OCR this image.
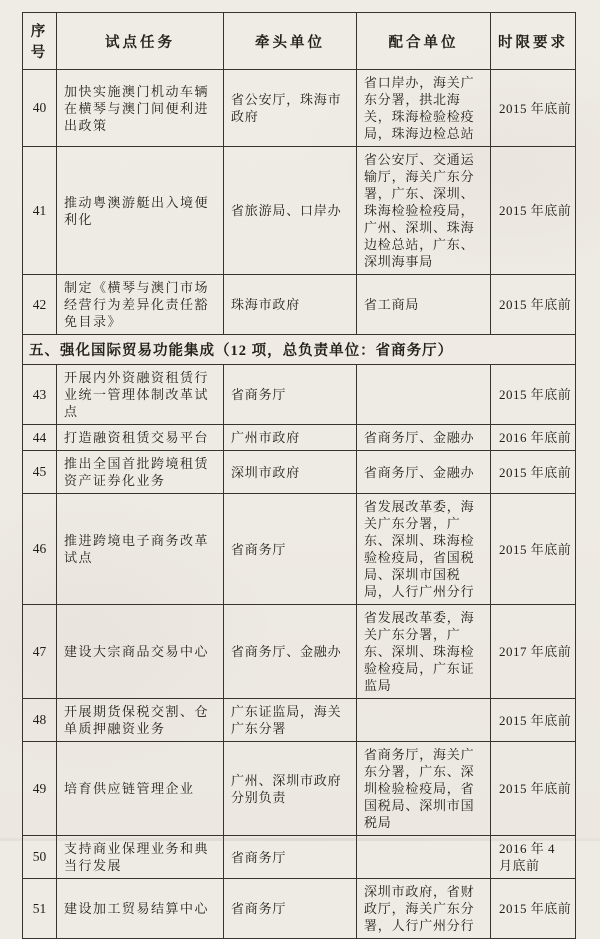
序号	试点任务	牵头单位	配合单位	时限要求
40	加快实施澳门机动车辆在横琴与澳门间便利进出政策	省公安厅，珠海市政府	省口岸办，海关广东分署，拱北海关，珠海检验检疫局，珠海边检总站	2015 年底前
41	推动粤澳游艇出入境便利化	省旅游局、口岸办	省公安厅、交通运输厅，海关广东分署，广东、深圳、珠海检验检疫局，广州、深圳、珠海边检总站，广东、深圳海事局	2015 年底前
42	制定《横琴与澳门市场经营行为差异化责任豁免目录》	珠海市政府	省工商局	2015 年底前
五、强化国际贸易功能集成（12 项，总负责单位：省商务厅）				
43	开展内外资融资租赁行业统一管理体制改革试点	省商务厅		2015 年底前
44	打造融资租赁交易平台	广州市政府	省商务厅、金融办	2016 年底前
45	推出全国首批跨境租赁资产证券化业务	深圳市政府	省商务厅、金融办	2015 年底前
46	推进跨境电子商务改革试点	省商务厅	省发展改革委，海关广东分署，广东、深圳、珠海检验检疫局，省国税局、深圳市国税局，人行广州分行	2015 年底前
47	建设大宗商品交易中心	省商务厅、金融办	省发展改革委，海关广东分署，广东、深圳、珠海检验检疫局，广东证监局	2017 年底前
48	开展期货保税交割、仓单质押融资业务	广东证监局，海关广东分署		2015 年底前
49	培育供应链管理企业	广州、深圳市政府分别负责	省商务厅，海关广东分署，广东、深圳检验检疫局，省国税局、深圳市国税局	2015 年底前
50	支持商业保理业务和典当行发展	省商务厅		2016 年 4 月底前
51	建设加工贸易结算中心	省商务厅	深圳市政府，省财政厅，海关广东分署，人行广州分行	2015 年底前
